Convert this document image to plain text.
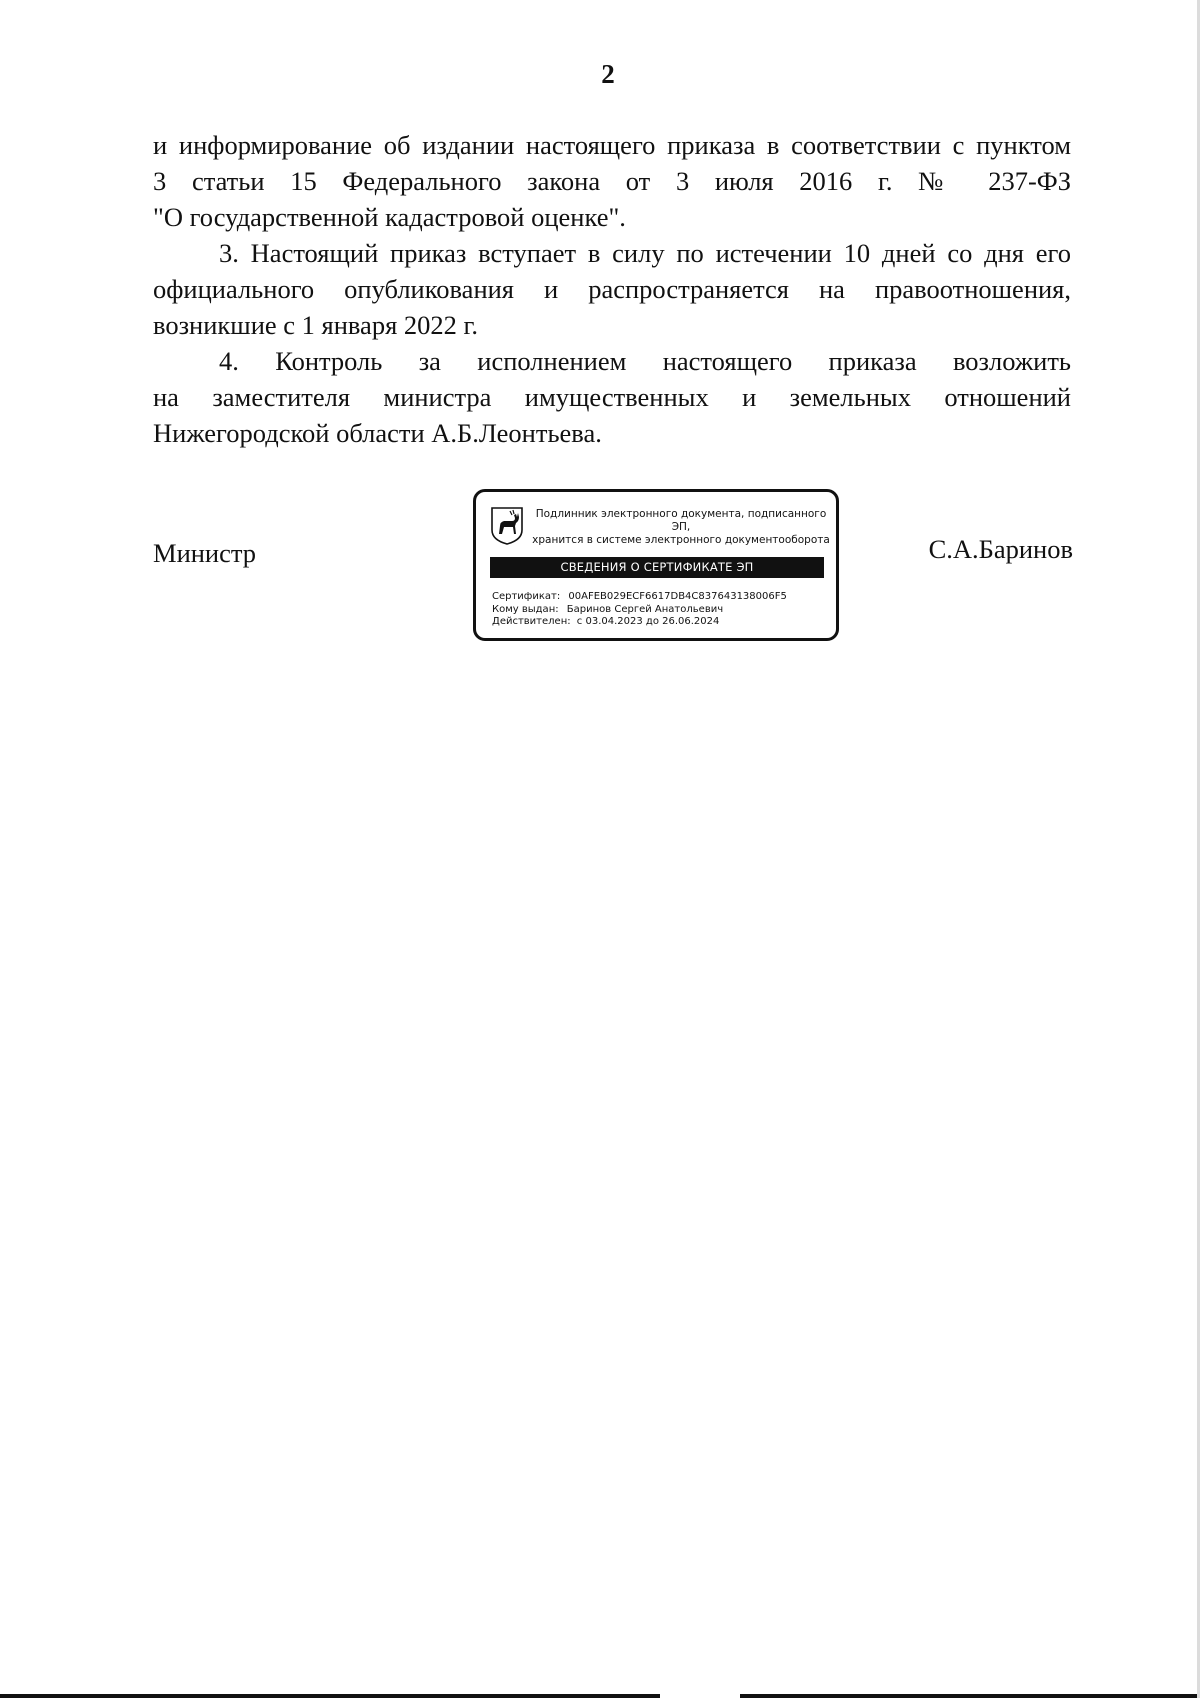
2
и информирование об издании настоящего приказа в соответствии с пунктом
3 статьи 15 Федерального закона от 3 июля 2016 г. № 237-ФЗ
"О государственной кадастровой оценке".
3. Настоящий приказ вступает в силу по истечении 10 дней со дня его
официального опубликования и распространяется на правоотношения,
возникшие с 1 января 2022 г.
4. Контроль за исполнением настоящего приказа возложить
на заместителя министра имущественных и земельных отношений
Нижегородской области А.Б.Леонтьева.
Министр	С.А.Баринов
Подлинник электронного документа, подписанного ЭП,
хранится в системе электронного документооборота
СВЕДЕНИЯ О СЕРТИФИКАТЕ ЭП
Сертификат: 00AFEB029ECF6617DB4C837643138006F5
Кому выдан: Баринов Сергей Анатольевич
Действителен: с 03.04.2023 до 26.06.2024
